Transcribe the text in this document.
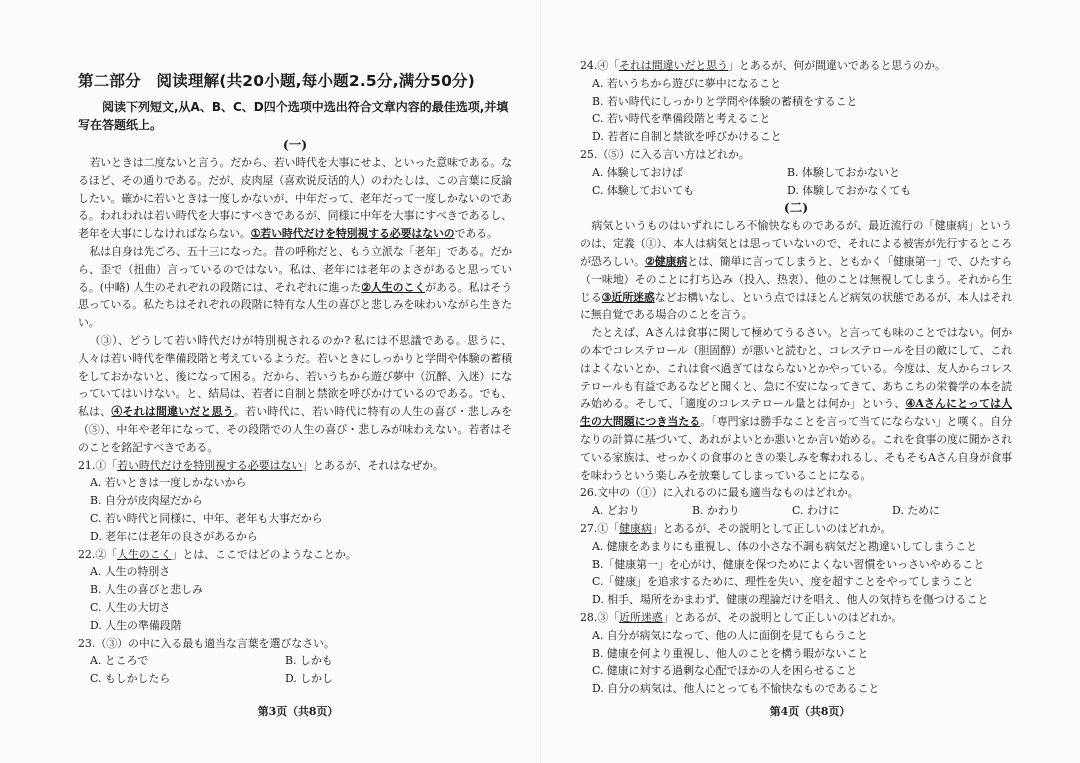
第二部分　阅读理解(共20小题,每小题2.5分,满分50分)
阅读下列短文,从A、B、C、D四个选项中选出符合文章内容的最佳选项,并填写在答题纸上。
(一)

若いときは二度ないと言う。だから、若い時代を大事にせよ、といった意味である。なるほど、その通りである。だが、皮肉屋（喜欢说反话的人）のわたしは、この言葉に反論したい。確かに若いときは一度しかないが、中年だって、老年だって一度しかないのである。われわれは若い時代を大事にすべきであるが、同様に中年を大事にすべきであるし、老年を大事にしなければならない。①若い時代だけを特別視する必要はないのである。

私は自身は先ごろ、五十三になった。昔の呼称だと、もう立派な「老年」である。だから、歪で（扭曲）言っているのではない。私は、老年には老年のよさがあると思っている。(中略) 人生のそれぞれの段階には、それぞれに進った②人生のこくがある。私はそう思っている。私たちはそれぞれの段階に特有な人生の喜びと悲しみを味わいながら生きたい。

（③）、どうして若い時代だけが特別視されるのか? 私には不思議である。思うに、人々は若い時代を準備段階と考えているようだ。若いときにしっかりと学問や体験の蓄積をしておかないと、後になって困る。だから、若いうちから遊び夢中（沉醉、入迷）になっていてはいけない。と、結局は、若者に自制と禁欲を呼びかけているのである。でも、私は、④それは間違いだと思う。若い時代に、若い時代に特有の人生の喜び・悲しみを（⑤）、中年や老年になって、その段階での人生の喜び・悲しみが味わえない。若者はそのことを銘記すべきである。

21.①「若い時代だけを特別視する必要はない」とあるが、それはなぜか。
A. 若いときは一度しかないから
B. 自分が皮肉屋だから
C. 若い時代と同様に、中年、老年も大事だから
D. 老年には老年の良さがあるから
22.②「人生のこく」とは、ここではどのようなことか。
A. 人生の特別さ
B. 人生の喜びと悲しみ
C. 人生の大切さ
D. 人生の準備段階
23.（③）の中に入る最も適当な言葉を選びなさい。
A. ところで	B. しかも
C. もしかしたら	D. しかし
第3页（共8页）
24.④「それは間違いだと思う」とあるが、何が間違いであると思うのか。
A. 若いうちから遊びに夢中になること
B. 若い時代にしっかりと学問や体験の蓄積をすること
C. 若い時代を準備段階と考えること
D. 若者に自制と禁欲を呼びかけること
25.（⑤）に入る言い方はどれか。
A. 体験しておけば	B. 体験しておかないと
C. 体験しておいても	D. 体験しておかなくても
(二)

病気というものはいずれにしろ不愉快なものであるが、最近流行の「健康病」というのは、定義（①）、本人は病気とは思っていないので、それによる被害が先行するところが恐ろしい。②健康病とは、簡単に言ってしまうと、ともかく「健康第一」で、ひたすら（一味地）そのことに打ち込み（投入、热衷）、他のことは無視してしまう。それから生じる③近所迷惑などお構いなし、という点ではほとんど病気の状態であるが、本人はそれに無自覚である場合のことを言う。

たとえば、Aさんは食事に関して極めてうるさい。と言っても味のことではない。何かの本でコレステロール（胆固醇）が悪いと読むと、コレステロールを目の敵にして、これはよくないとか、これは食べ過ぎてはならないとかやっている。今度は、友人からコレステロールも有益であるなどと聞くと、急に不安になってきて、あちこちの栄養学の本を読み始める。そして、「適度のコレステロール量とは何か」という、④Aさんにとっては人生の大問題につき当たる。「専門家は勝手なことを言って当てにならない」と嘆く。自分なりの計算に基づいて、あれがよいとか悪いとか言い始める。これを食事の度に聞かされている家族は、せっかくの食事のときの楽しみを奪われるし、そもそもAさん自身が食事を味わうという楽しみを放棄してしまっていることになる。

26.文中の（①）に入れるのに最も適当なものはどれか。
A. どおり	B. かわり	C. わけに	D. ために
27.①「健康病」とあるが、その説明として正しいのはどれか。
A. 健康をあまりにも重視し、体の小さな不調も病気だと勘違いしてしまうこと
B.「健康第一」を心がけ、健康を保つためによくない習慣をいっさいやめること
C.「健康」を追求するために、理性を失い、度を超すことをやってしまうこと
D. 相手、場所をかまわず、健康の理論だけを唱え、他人の気持ちを傷つけること
28.③「近所迷惑」とあるが、その説明として正しいのはどれか。
A. 自分が病気になって、他の人に面倒を見てもらうこと
B. 健康を何より重視し、他人のことを構う暇がないこと
C. 健康に対する過剰な心配でほかの人を困らせること
D. 自分の病気は、他人にとっても不愉快なものであること
第4页（共8页）
